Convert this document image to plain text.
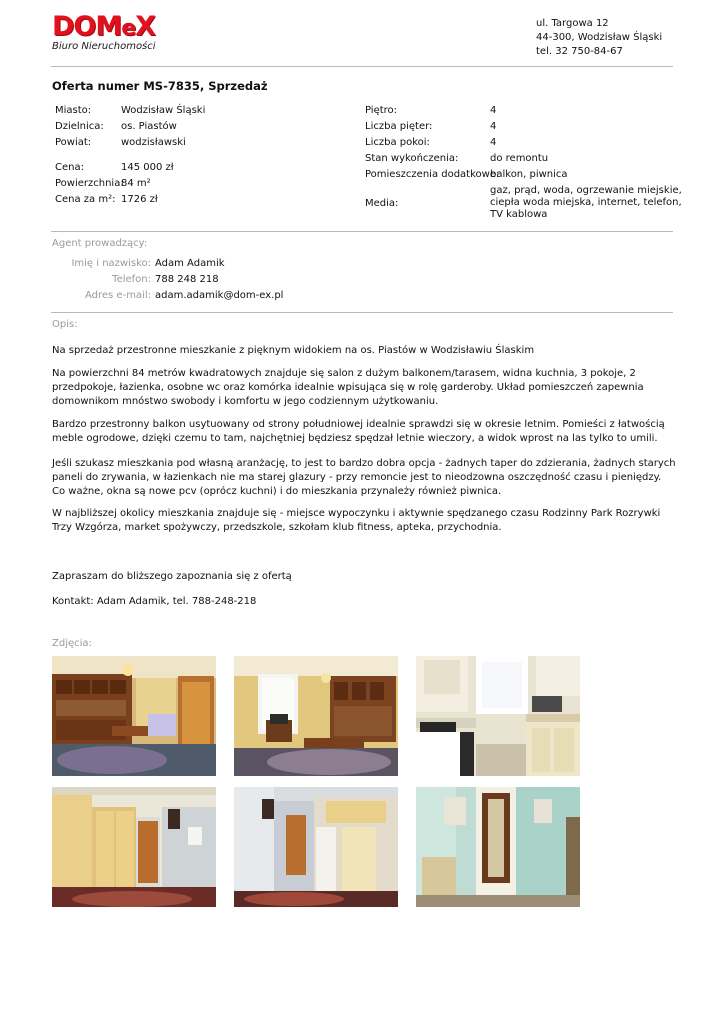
DOMeX
Biuro Nieruchomości
ul. Targowa 12
44-300, Wodzisław Śląski
tel. 32 750-84-67
Oferta numer MS-7835, Sprzedaż
Miasto:	Wodzisław Śląski
Dzielnica: os. Piastów
Powiat:	wodzisławski
Cena:	145 000 zł
Powierzchnia:
84 m²
Cena za m²: 1726 zł
Piętro:	4
Liczba pięter:	4
Liczba pokoi:	4
Stan wykończenia:	do remontu
Pomieszczenia dodatkowe:
balkon, piwnica
Media:
gaz, prąd, woda, ogrzewanie miejskie,
ciepła woda miejska, internet, telefon,
TV kablowa
Agent prowadzący:
Imię i nazwisko: Adam Adamik
Telefon: 788 248 218
Adres e-mail: adam.adamik@dom-ex.pl
Opis:

Na sprzedaż przestronne mieszkanie z pięknym widokiem na os. Piastów w Wodzisławiu Ślaskim

Na powierzchni 84 metrów kwadratowych znajduje się salon z dużym balkonem/tarasem, widna kuchnia, 3 pokoje, 2 przedpokoje, łazienka, osobne wc oraz komórka idealnie wpisująca się w rolę garderoby. Układ pomieszczeń zapewnia domownikom mnóstwo swobody i komfortu w jego codziennym użytkowaniu.

Bardzo przestronny balkon usytuowany od strony południowej idealnie sprawdzi się w okresie letnim. Pomieści z łatwością meble ogrodowe, dzięki czemu to tam, najchętniej będziesz spędzał letnie wieczory, a widok wprost na las tylko to umili.

Jeśli szukasz mieszkania pod własną aranżację, to jest to bardzo dobra opcja - żadnych taper do zdzierania, żadnych starych paneli do zrywania, w łazienkach nie ma starej glazury - przy remoncie jest to nieodzowna oszczędność czasu i pieniędzy. Co ważne, okna są nowe pcv (oprócz kuchni) i do mieszkania przynależy również piwnica.

W najbliższej okolicy mieszkania znajduje się - miejsce wypoczynku i aktywnie spędzanego czasu Rodzinny Park Rozrywki Trzy Wzgórza, market spożywczy, przedszkole, szkołam klub fitness, apteka, przychodnia.

Zapraszam do bliższego zapoznania się z ofertą

Kontakt: Adam Adamik, tel. 788-248-218

Zdjęcia:
